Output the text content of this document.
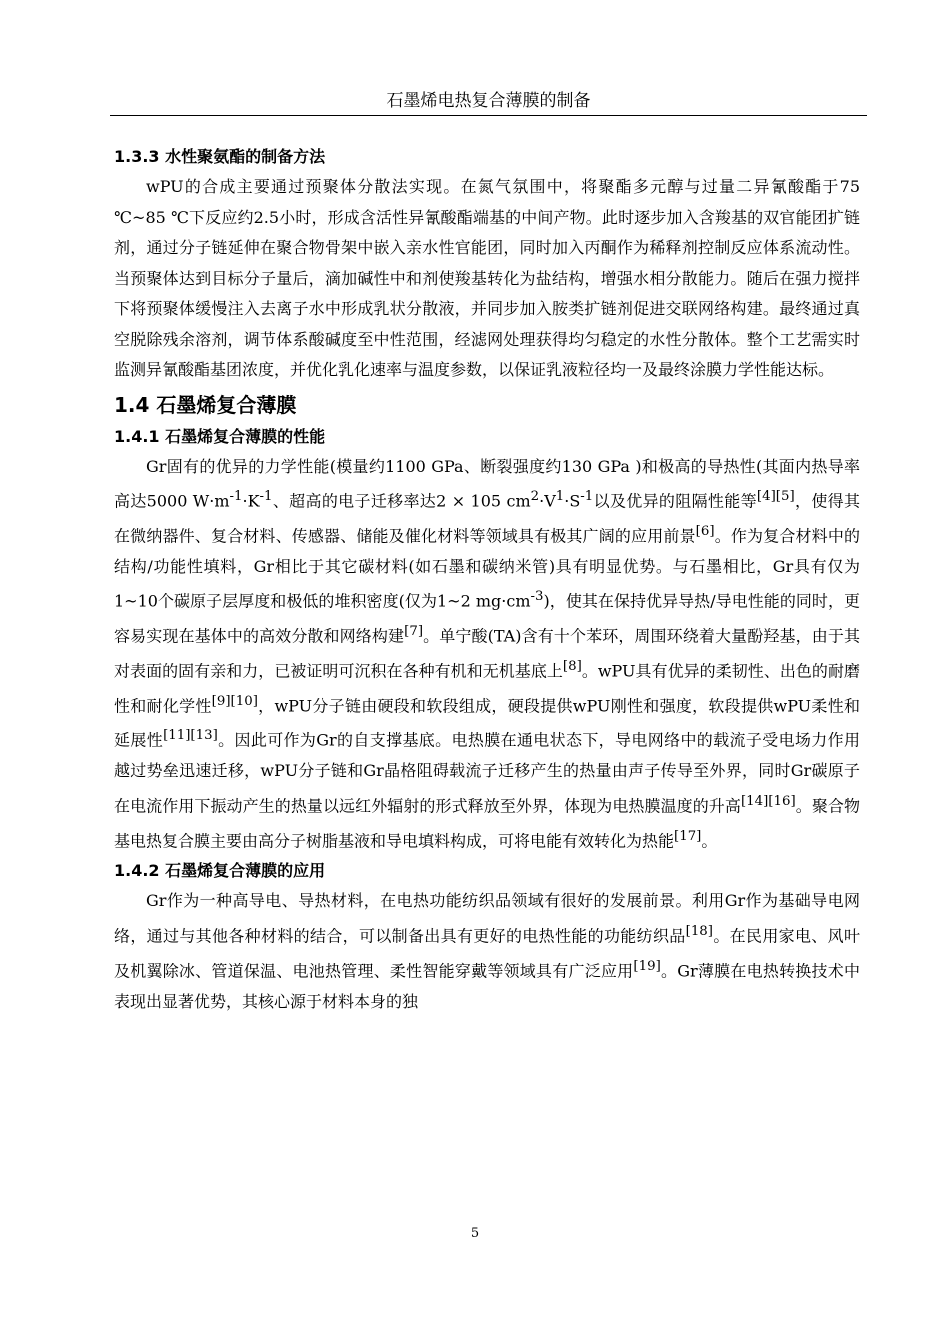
石墨烯电热复合薄膜的制备
1.3.3 水性聚氨酯的制备方法

wPU的合成主要通过预聚体分散法实现。在氮气氛围中，将聚酯多元醇与过量二异氰酸酯于75 ℃~85 ℃下反应约2.5小时，形成含活性异氰酸酯端基的中间产物。此时逐步加入含羧基的双官能团扩链剂，通过分子链延伸在聚合物骨架中嵌入亲水性官能团，同时加入丙酮作为稀释剂控制反应体系流动性。当预聚体达到目标分子量后，滴加碱性中和剂使羧基转化为盐结构，增强水相分散能力。随后在强力搅拌下将预聚体缓慢注入去离子水中形成乳状分散液，并同步加入胺类扩链剂促进交联网络构建。最终通过真空脱除残余溶剂，调节体系酸碱度至中性范围，经滤网处理获得均匀稳定的水性分散体。整个工艺需实时监测异氰酸酯基团浓度，并优化乳化速率与温度参数，以保证乳液粒径均一及最终涂膜力学性能达标。

1.4 石墨烯复合薄膜
1.4.1 石墨烯复合薄膜的性能

Gr固有的优异的力学性能(模量约1100 GPa、断裂强度约130 GPa )和极高的导热性(其面内热导率高达5000 $W\cdot m^{-1}\cdot K^{-1}$、超高的电子迁移率达2 × 105 $cm^2\cdot V^1\cdot S^{-1}$以及优异的阻隔性能等[4][5]，使得其在微纳器件、复合材料、传感器、储能及催化材料等领域具有极其广阔的应用前景[6]。作为复合材料中的结构/功能性填料，Gr相比于其它碳材料(如石墨和碳纳米管)具有明显优势。与石墨相比，Gr具有仅为1~10个碳原子层厚度和极低的堆积密度(仅为1~2 $mg\cdot cm^{-3}$)，使其在保持优异导热/导电性能的同时，更容易实现在基体中的高效分散和网络构建[7]。单宁酸(TA)含有十个苯环，周围环绕着大量酚羟基，由于其对表面的固有亲和力，已被证明可沉积在各种有机和无机基底上[8]。wPU具有优异的柔韧性、出色的耐磨性和耐化学性[9][10]，wPU分子链由硬段和软段组成，硬段提供wPU刚性和强度，软段提供wPU柔性和延展性[11][13]。因此可作为Gr的自支撑基底。电热膜在通电状态下，导电网络中的载流子受电场力作用越过势垒迅速迁移，wPU分子链和Gr晶格阻碍载流子迁移产生的热量由声子传导至外界，同时Gr碳原子在电流作用下振动产生的热量以远红外辐射的形式释放至外界，体现为电热膜温度的升高[14][16]。聚合物基电热复合膜主要由高分子树脂基液和导电填料构成，可将电能有效转化为热能[17]。

1.4.2 石墨烯复合薄膜的应用

Gr作为一种高导电、导热材料，在电热功能纺织品领域有很好的发展前景。利用Gr作为基础导电网络，通过与其他各种材料的结合，可以制备出具有更好的电热性能的功能纺织品[18]。在民用家电、风叶及机翼除冰、管道保温、电池热管理、柔性智能穿戴等领域具有广泛应用[19]。Gr薄膜在电热转换技术中表现出显著优势，其核心源于材料本身的独

5
